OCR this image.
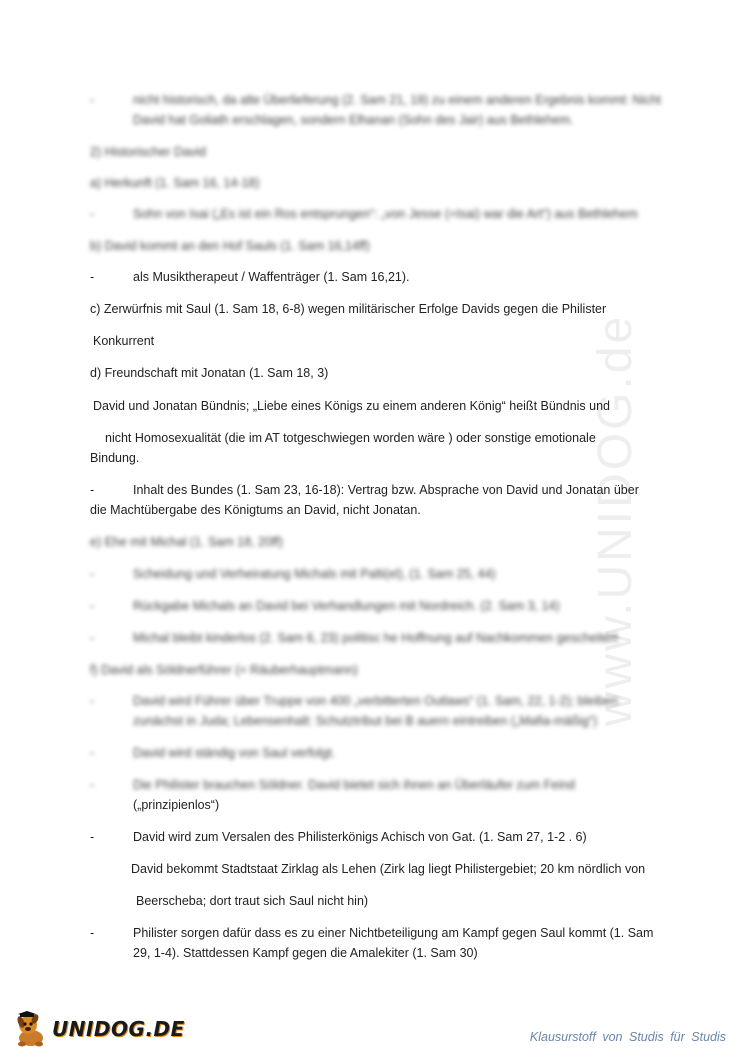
www.UNIDOG.de
-	nicht historisch, da alte Überlieferung (2. Sam 21, 19) zu einem anderen Ergebnis kommt: Nicht David hat Goliath erschlagen, sondern Elhanan (Sohn des Jair) aus Bethlehem.
2) Historischer David
a) Herkunft (1. Sam 16, 14-18)
-	Sohn von Isai („Es ist ein Ros entsprungen“: „von Jesse (=Isai) war die Art“) aus Bethlehem
b) David kommt an den Hof Sauls (1. Sam 16,14ff)
-	als Musiktherapeut / Waffenträger (1. Sam 16,21).
c) Zerwürfnis mit Saul (1. Sam 18, 6-8) wegen militärischer Erfolge Davids gegen die Philister
Konkurrent
d) Freundschaft mit Jonatan (1. Sam 18, 3)
David und Jonatan Bündnis; „Liebe eines Königs zu einem anderen König“ heißt Bündnis und
nicht Homosexualität (die im AT totgeschwiegen worden wäre ) oder sonstige emotionale
Bindung.
-	Inhalt des Bundes (1. Sam 23, 16-18): Vertrag bzw. Absprache von David und Jonatan über
die Machtübergabe des Königtums an David, nicht Jonatan.
e) Ehe mit Michal (1. Sam 18, 20ff)
-	Scheidung und Verheiratung Michals mit Palti(el), (1. Sam 25, 44)
-	Rückgabe Michals an David bei Verhandlungen mit Nordreich. (2. Sam 3, 14)
-	Michal bleibt kinderlos (2. Sam 6, 23) politisc he Hoffnung auf Nachkommen gescheitert
f) David als Söldnerführer (= Räuberhauptmann)
-	David wird Führer über Truppe von 400 „verbitterten Outlaws“ (1. Sam, 22, 1-2); bleiben
zunächst in Juda; Lebensenhalt: Schutztribut bei B auern eintreiben („Mafia-mäßig“)
-	David wird ständig von Saul verfolgt.
-	Die Philister brauchen Söldner. David bietet sich ihnen an Überläufer zum Feind
(„prinzipienlos“)
-	David wird zum Versalen des Philisterkönigs Achisch von Gat. (1. Sam 27, 1-2 . 6)
David bekommt Stadtstaat Zirklag als Lehen (Zirk lag liegt Philistergebiet; 20 km nördlich von
Beerscheba; dort traut sich Saul nicht hin)
-	Philister sorgen dafür dass es zu einer Nichtbeteiligung am Kampf gegen Saul kommt (1. Sam
29, 1-4). Stattdessen Kampf gegen die Amalekiter (1. Sam 30)
UNIDOG.DE	Klausurstoff von Studis für Studis
